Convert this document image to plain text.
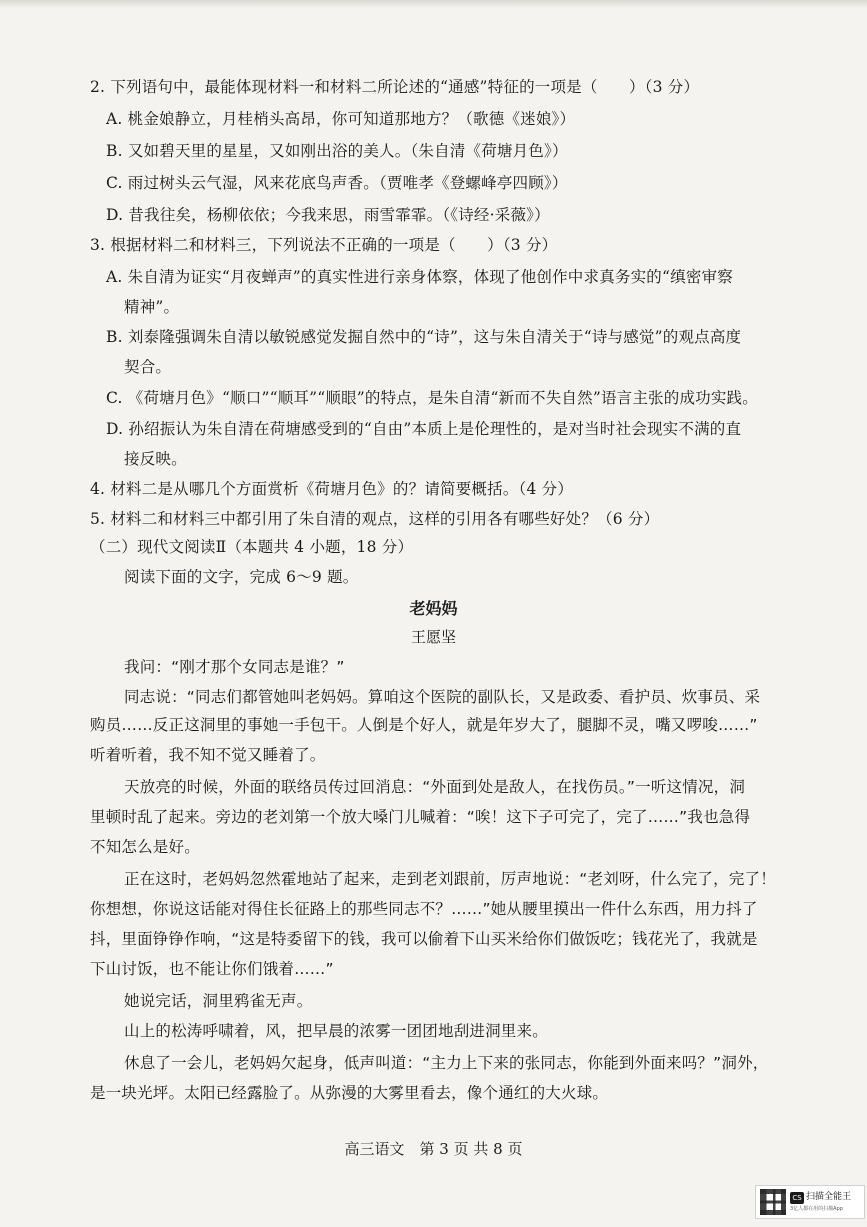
2. 下列语句中，最能体现材料一和材料二所论述的“通感”特征的一项是（　　）（3 分）
A. 桃金娘静立，月桂梢头高昂，你可知道那地方？（歌德《迷娘》）
B. 又如碧天里的星星，又如刚出浴的美人。（朱自清《荷塘月色》）
C. 雨过树头云气湿，风来花底鸟声香。（贾唯孝《登螺峰亭四顾》）
D. 昔我往矣，杨柳依依；今我来思，雨雪霏霏。（《诗经·采薇》）
3. 根据材料二和材料三，下列说法不正确的一项是（　　）（3 分）
A. 朱自清为证实“月夜蝉声”的真实性进行亲身体察，体现了他创作中求真务实的“缜密审察
精神”。
B. 刘泰隆强调朱自清以敏锐感觉发掘自然中的“诗”，这与朱自清关于“诗与感觉”的观点高度
契合。
C. 《荷塘月色》“顺口”“顺耳”“顺眼”的特点，是朱自清“新而不失自然”语言主张的成功实践。
D. 孙绍振认为朱自清在荷塘感受到的“自由”本质上是伦理性的，是对当时社会现实不满的直
接反映。
4. 材料二是从哪几个方面赏析《荷塘月色》的？请简要概括。（4 分）
5. 材料二和材料三中都引用了朱自清的观点，这样的引用各有哪些好处？（6 分）
（二）现代文阅读Ⅱ（本题共 4 小题，18 分）
阅读下面的文字，完成 6～9 题。
老妈妈
王愿坚
我问：“刚才那个女同志是谁？”
同志说：“同志们都管她叫老妈妈。算咱这个医院的副队长，又是政委、看护员、炊事员、采
购员……反正这洞里的事她一手包干。人倒是个好人，就是年岁大了，腿脚不灵，嘴又啰唆……”
听着听着，我不知不觉又睡着了。
天放亮的时候，外面的联络员传过回消息：“外面到处是敌人，在找伤员。”一听这情况，洞
里顿时乱了起来。旁边的老刘第一个放大嗓门儿喊着：“唉！这下子可完了，完了……”我也急得
不知怎么是好。
正在这时，老妈妈忽然霍地站了起来，走到老刘跟前，厉声地说：“老刘呀，什么完了，完了！
你想想，你说这话能对得住长征路上的那些同志不？……”她从腰里摸出一件什么东西，用力抖了
抖，里面铮铮作响，“这是特委留下的钱，我可以偷着下山买米给你们做饭吃；钱花光了，我就是
下山讨饭，也不能让你们饿着……”
她说完话，洞里鸦雀无声。
山上的松涛呼啸着，风，把早晨的浓雾一团团地刮进洞里来。
休息了一会儿，老妈妈欠起身，低声叫道：“主力上下来的张同志，你能到外面来吗？”洞外，
是一块光坪。太阳已经露脸了。从弥漫的大雾里看去，像个通红的大火球。
高三语文　第 3 页 共 8 页
CS 扫描全能王
3亿人都在用的扫描App
